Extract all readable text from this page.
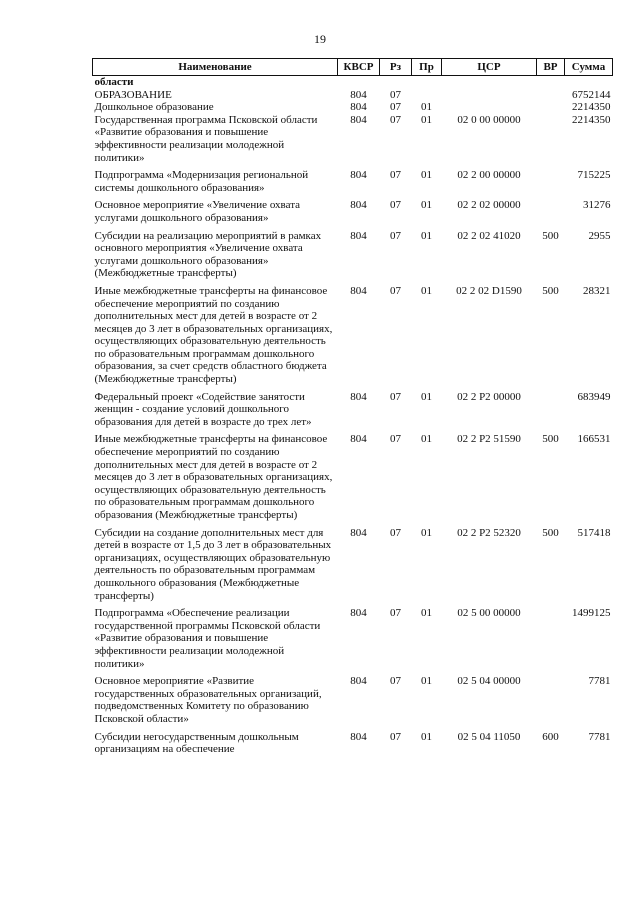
19
Наименование	КВСР	Рз	Пр	ЦСР	ВР	Сумма
области						
ОБРАЗОВАНИЕ	804	07				6752144
Дошкольное образование	804	07	01			2214350
Государственная программа Псковской области «Развитие образования и повышение эффективности реализации молодежной политики»	804	07	01	02 0 00 00000		2214350
Подпрограмма «Модернизация региональной системы дошкольного образования»	804	07	01	02 2 00 00000		715225
Основное мероприятие «Увеличение охвата услугами дошкольного образования»	804	07	01	02 2 02 00000		31276
Субсидии на реализацию мероприятий в рамках основного мероприятия «Увеличение охвата услугами дошкольного образования» (Межбюджетные трансферты)	804	07	01	02 2 02 41020	500	2955
Иные межбюджетные трансферты на финансовое обеспечение мероприятий по созданию дополнительных мест для детей в возрасте от 2 месяцев до 3 лет в образовательных организациях, осуществляющих образовательную деятельность по образовательным программам дошкольного образования, за счет средств областного бюджета (Межбюджетные трансферты)	804	07	01	02 2 02 D1590	500	28321
Федеральный проект «Содействие занятости женщин - создание условий дошкольного образования для детей в возрасте до трех лет»	804	07	01	02 2 P2 00000		683949
Иные межбюджетные трансферты на финансовое обеспечение мероприятий по созданию дополнительных мест для детей в возрасте от 2 месяцев до 3 лет в образовательных организациях, осуществляющих образовательную деятельность по образовательным программам дошкольного образования (Межбюджетные трансферты)	804	07	01	02 2 P2 51590	500	166531
Субсидии на создание дополнительных мест для детей в возрасте от 1,5 до 3 лет в образовательных организациях, осуществляющих образовательную деятельность по образовательным программам дошкольного образования (Межбюджетные трансферты)	804	07	01	02 2 P2 52320	500	517418
Подпрограмма «Обеспечение реализации государственной программы Псковской области «Развитие образования и повышение эффективности реализации молодежной политики»	804	07	01	02 5 00 00000		1499125
Основное мероприятие «Развитие государственных образовательных организаций, подведомственных Комитету по образованию Псковской области»	804	07	01	02 5 04 00000		7781
Субсидии негосударственным дошкольным организациям на обеспечение	804	07	01	02 5 04 11050	600	7781
